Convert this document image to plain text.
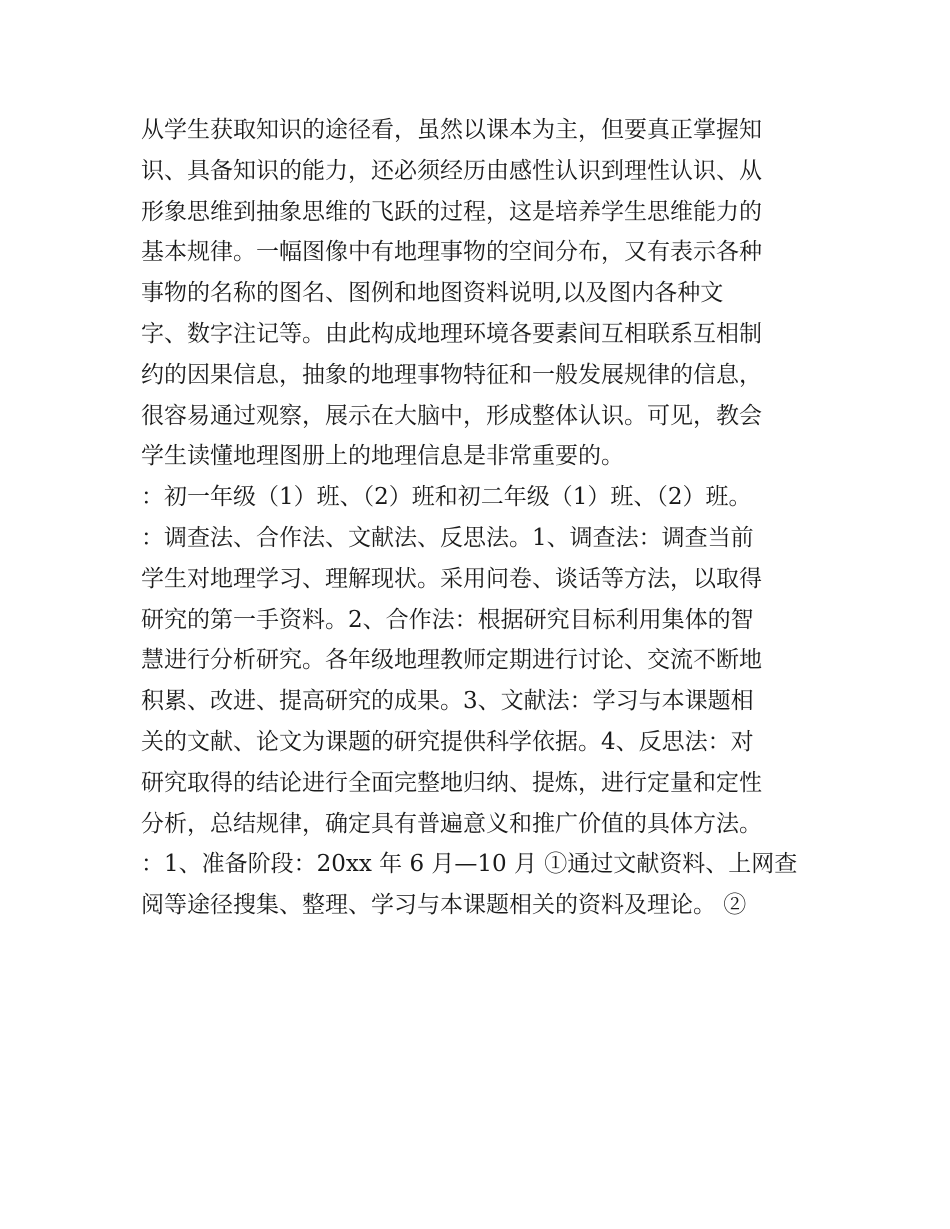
从学生获取知识的途径看，虽然以课本为主，但要真正掌握知
识、具备知识的能力，还必须经历由感性认识到理性认识、从
形象思维到抽象思维的飞跃的过程，这是培养学生思维能力的
基本规律。一幅图像中有地理事物的空间分布，又有表示各种
事物的名称的图名、图例和地图资料说明,以及图内各种文
字、数字注记等。由此构成地理环境各要素间互相联系互相制
约的因果信息，抽象的地理事物特征和一般发展规律的信息，
很容易通过观察，展示在大脑中，形成整体认识。可见，教会
学生读懂地理图册上的地理信息是非常重要的。
：初一年级（1）班、（2）班和初二年级（1）班、（2）班。
：调查法、合作法、文献法、反思法。1、调查法：调查当前
学生对地理学习、理解现状。采用问卷、谈话等方法，以取得
研究的第一手资料。2、合作法：根据研究目标利用集体的智
慧进行分析研究。各年级地理教师定期进行讨论、交流不断地
积累、改进、提高研究的成果。3、文献法：学习与本课题相
关的文献、论文为课题的研究提供科学依据。4、反思法：对
研究取得的结论进行全面完整地归纳、提炼，进行定量和定性
分析，总结规律，确定具有普遍意义和推广价值的具体方法。
：1、准备阶段：20xx 年 6 月—10 月 ①通过文献资料、上网查
阅等途径搜集、整理、学习与本课题相关的资料及理论。 ②
